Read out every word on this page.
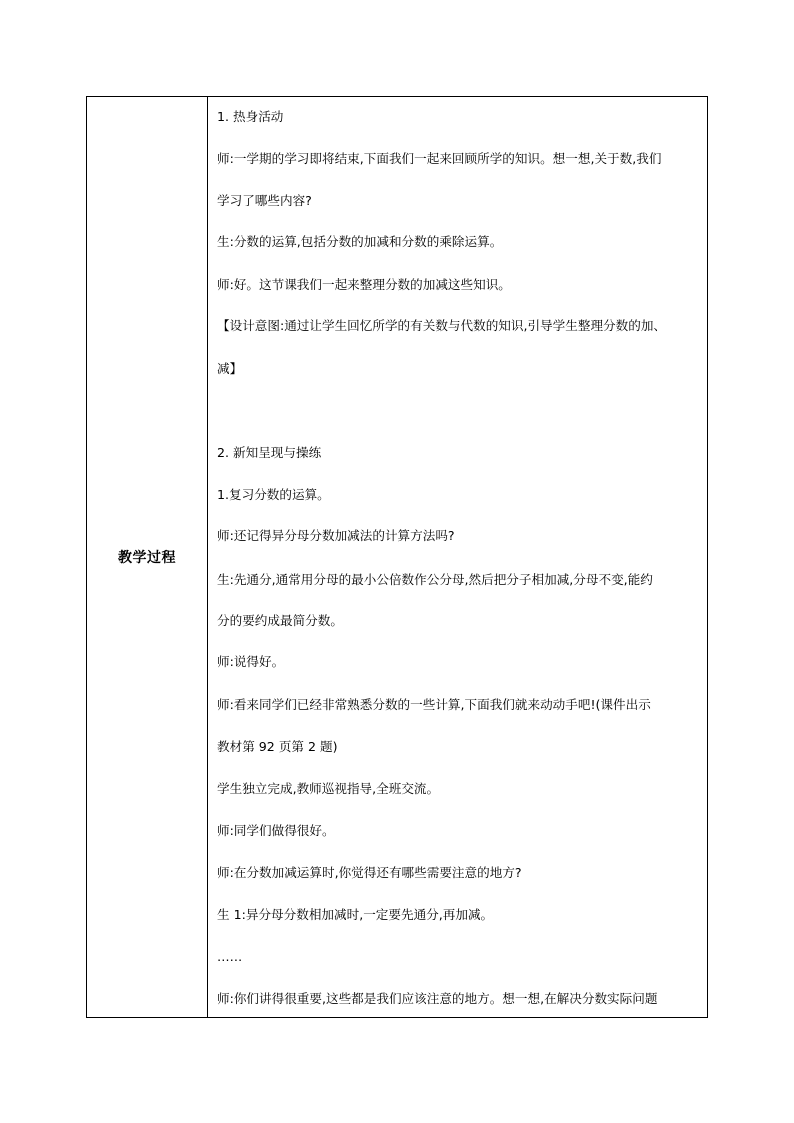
教学过程
1. 热身活动
师:一学期的学习即将结束,下面我们一起来回顾所学的知识。想一想,关于数,我们
学习了哪些内容?
生:分数的运算,包括分数的加减和分数的乘除运算。
师:好。这节课我们一起来整理分数的加减这些知识。
【设计意图:通过让学生回忆所学的有关数与代数的知识,引导学生整理分数的加、
减】
2. 新知呈现与操练
1.复习分数的运算。
师:还记得异分母分数加减法的计算方法吗?
生:先通分,通常用分母的最小公倍数作公分母,然后把分子相加减,分母不变,能约
分的要约成最简分数。
师:说得好。
师:看来同学们已经非常熟悉分数的一些计算,下面我们就来动动手吧!(课件出示
教材第 92 页第 2 题)
学生独立完成,教师巡视指导,全班交流。
师:同学们做得很好。
师:在分数加减运算时,你觉得还有哪些需要注意的地方?
生 1:异分母分数相加减时,一定要先通分,再加减。
……
师:你们讲得很重要,这些都是我们应该注意的地方。想一想,在解决分数实际问题
